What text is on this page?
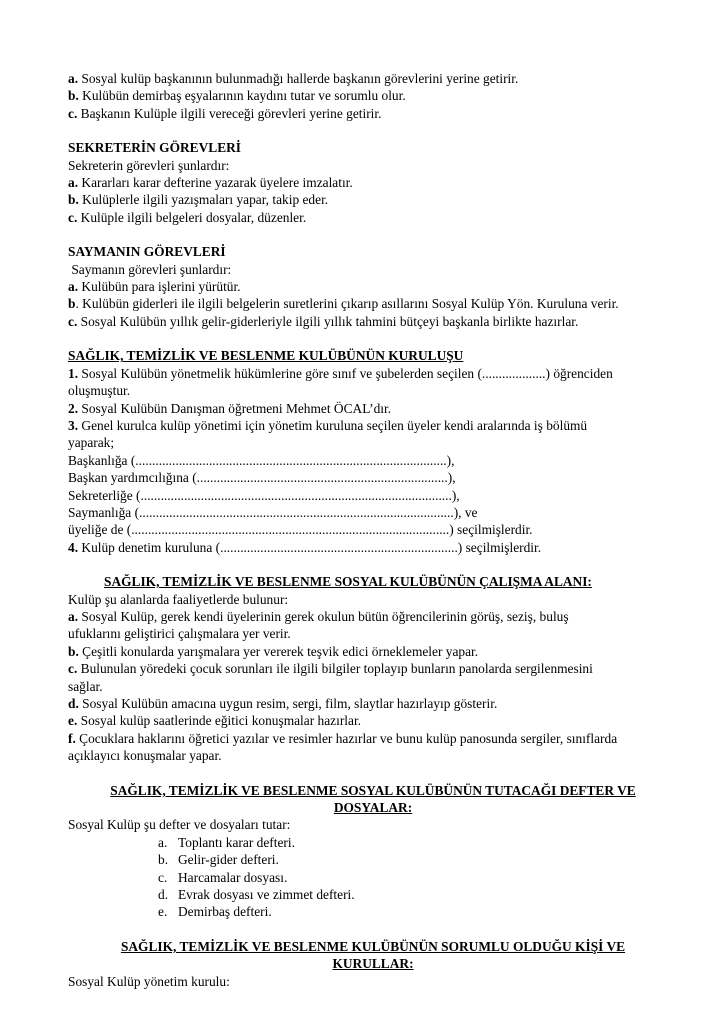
a. Sosyal kulüp başkanının bulunmadığı hallerde başkanın görevlerini yerine getirir.

b. Kulübün demirbaş eşyalarının kaydını tutar ve sorumlu olur.

c. Başkanın Kulüple ilgili vereceği görevleri yerine getirir.

SEKRETERİN GÖREVLERİ

Sekreterin görevleri şunlardır:

a. Kararları karar defterine yazarak üyelere imzalatır.

b. Kulüplerle ilgili yazışmaları yapar, takip eder.

c. Kulüple ilgili belgeleri dosyalar, düzenler.

SAYMANIN GÖREVLERİ

Saymanın görevleri şunlardır:

a. Kulübün para işlerini yürütür.

b. Kulübün giderleri ile ilgili belgelerin suretlerini çıkarıp asıllarını Sosyal Kulüp Yön. Kuruluna verir.

c. Sosyal Kulübün yıllık gelir-giderleriyle ilgili yıllık tahmini bütçeyi başkanla birlikte hazırlar.

SAĞLIK, TEMİZLİK VE BESLENME KULÜBÜNÜN KURULUŞU

1. Sosyal Kulübün yönetmelik hükümlerine göre sınıf ve şubelerden seçilen (...................) öğrenciden

oluşmuştur.

2. Sosyal Kulübün Danışman öğretmeni Mehmet ÖCAL’dır.

3. Genel kurulca kulüp yönetimi için yönetim kuruluna seçilen üyeler kendi aralarında iş bölümü

yaparak;

Başkanlığa (.............................................................................................),

Başkan yardımcılığına (...........................................................................),

Sekreterliğe (.............................................................................................),

Saymanlığa (..............................................................................................), ve

üyeliğe de (...............................................................................................) seçilmişlerdir.

4. Kulüp denetim kuruluna (.......................................................................) seçilmişlerdir.

SAĞLIK, TEMİZLİK VE BESLENME SOSYAL KULÜBÜNÜN ÇALIŞMA ALANI:

Kulüp şu alanlarda faaliyetlerde bulunur:

a. Sosyal Kulüp, gerek kendi üyelerinin gerek okulun bütün öğrencilerinin görüş, seziş, buluş

ufuklarını geliştirici çalışmalara yer verir.

b. Çeşitli konularda yarışmalara yer vererek teşvik edici örneklemeler yapar.

c. Bulunulan yöredeki çocuk sorunları ile ilgili bilgiler toplayıp bunların panolarda sergilenmesini

sağlar.

d. Sosyal Kulübün amacına uygun resim, sergi, film, slaytlar hazırlayıp gösterir.

e. Sosyal kulüp saatlerinde eğitici konuşmalar hazırlar.

f. Çocuklara haklarını öğretici yazılar ve resimler hazırlar ve bunu kulüp panosunda sergiler, sınıflarda

açıklayıcı konuşmalar yapar.

SAĞLIK, TEMİZLİK VE BESLENME SOSYAL KULÜBÜNÜN TUTACAĞI DEFTER VE

DOSYALAR:

Sosyal Kulüp şu defter ve dosyaları tutar:

a. Toplantı karar defteri.
b. Gelir-gider defteri.
c. Harcamalar dosyası.
d. Evrak dosyası ve zimmet defteri.
e. Demirbaş defteri.

SAĞLIK, TEMİZLİK VE BESLENME KULÜBÜNÜN SORUMLU OLDUĞU KİŞİ VE

KURULLAR:

Sosyal Kulüp yönetim kurulu:
